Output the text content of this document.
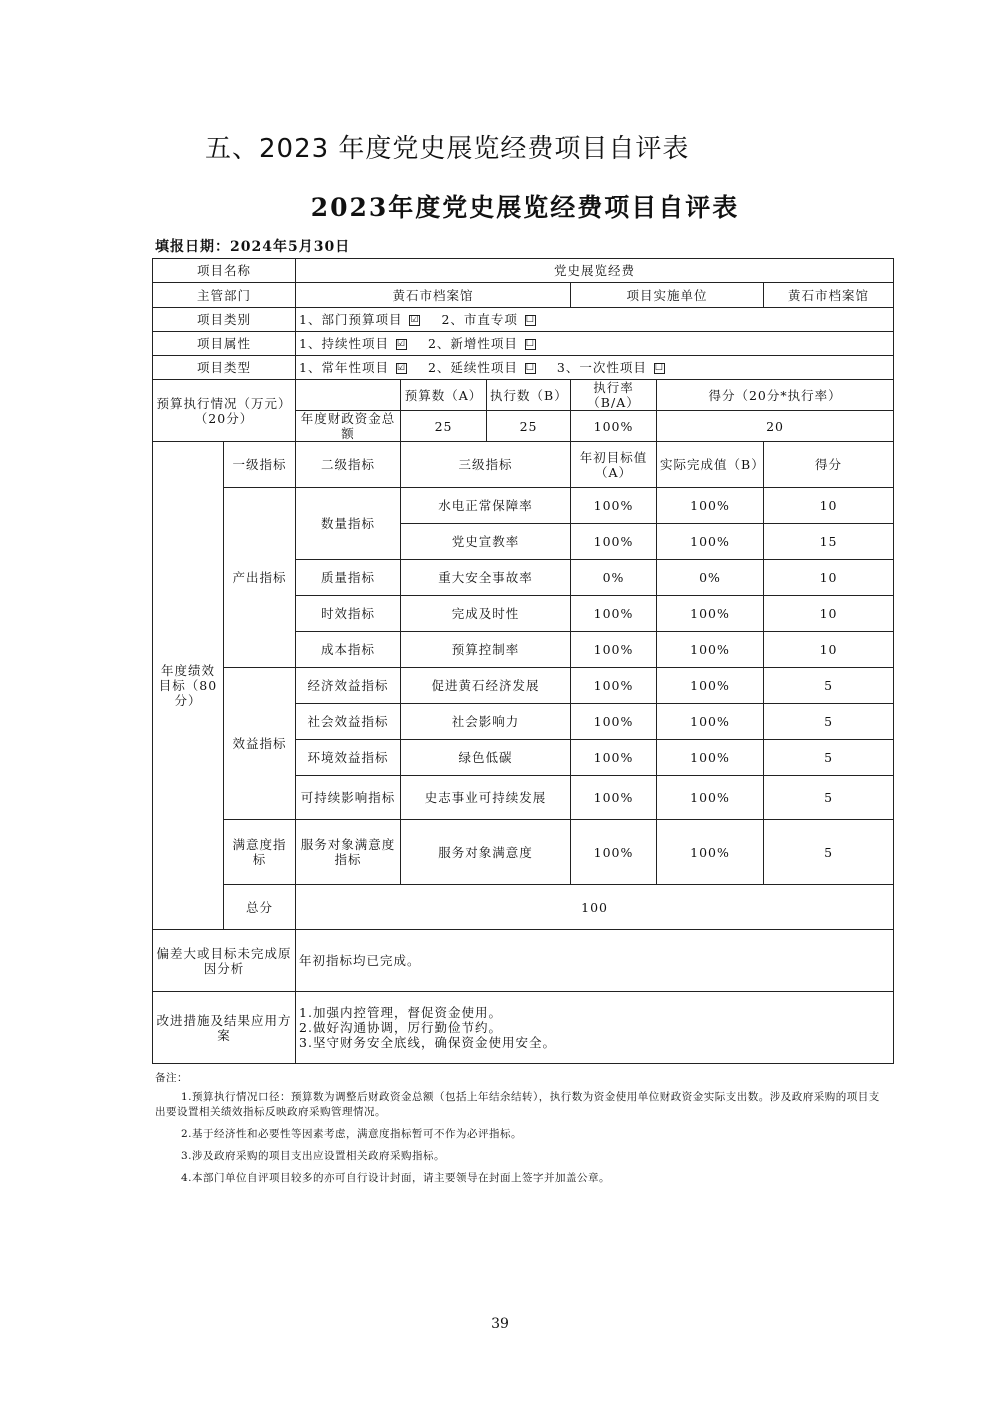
五、2023 年度党史展览经费项目自评表
2023年度党史展览经费项目自评表
填报日期：2024年5月30日
项目名称		党史展览经费					
主管部门		黄石市档案馆			项目实施单位		黄石市档案馆
项目类别		1、部门预算项目 ☑ 2、市直专项 ☐					
项目属性		1、持续性项目 ☑ 2、新增性项目 ☐					
项目类型		1、常年性项目 ☑ 2、延续性项目 ☐ 3、一次性项目 ☐					
预算执行情况（万元）（20分）			预算数（A）	执行数（B）	执行率（B/A）	得分（20分*执行率）	
		年度财政资金总额	25	25	100%	20	
年度绩效目标（80分）	一级指标	二级指标	三级指标		年初目标值（A）	实际完成值（B）	得分
	产出指标	数量指标	水电正常保障率		100%	100%	10
			党史宣教率		100%	100%	15
		质量指标	重大安全事故率		0%	0%	10
		时效指标	完成及时性		100%	100%	10
		成本指标	预算控制率		100%	100%	10
	效益指标	经济效益指标	促进黄石经济发展		100%	100%	5
		社会效益指标	社会影响力		100%	100%	5
		环境效益指标	绿色低碳		100%	100%	5
		可持续影响指标	史志事业可持续发展		100%	100%	5
	满意度指标	服务对象满意度指标	服务对象满意度		100%	100%	5
	总分	100					
偏差大或目标未完成原因分析		年初指标均已完成。					
改进措施及结果应用方案		1.加强内控管理，督促资金使用。
2.做好沟通协调，厉行勤俭节约。
3.坚守财务安全底线，确保资金使用安全。					
备注：

1.预算执行情况口径：预算数为调整后财政资金总额（包括上年结余结转），执行数为资金使用单位财政资金实际支出数。涉及政府采购的项目支出要设置相关绩效指标反映政府采购管理情况。

2.基于经济性和必要性等因素考虑，满意度指标暂可不作为必评指标。

3.涉及政府采购的项目支出应设置相关政府采购指标。

4.本部门单位自评项目较多的亦可自行设计封面，请主要领导在封面上签字并加盖公章。

39
